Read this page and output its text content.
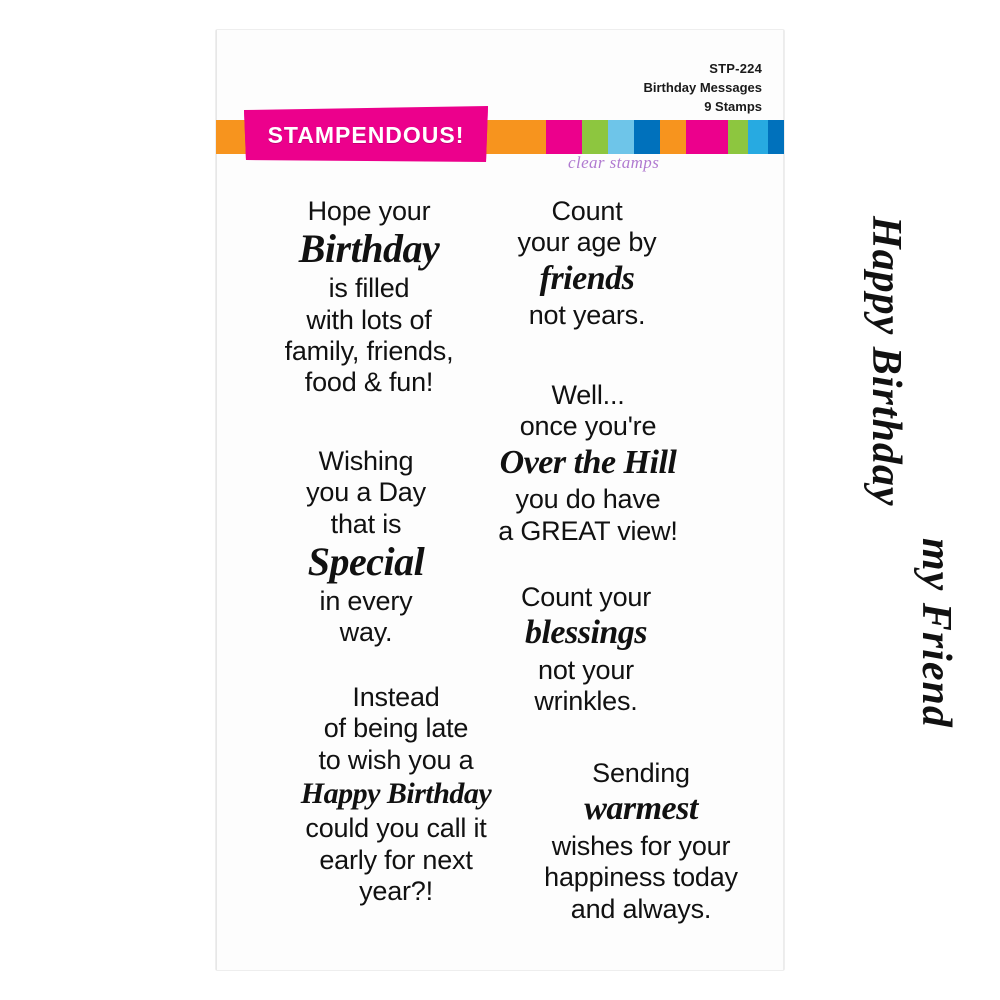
STP-224
Birthday Messages
9 Stamps
STAMPENDOUS!
clear stamps
Hope your
Birthday
is filled
with lots of
family, friends,
food & fun!
Count
your age by
friends
not years.
Wishing
you a Day
that is
Special
in every
way.
Well...
once you're
Over the Hill
you do have
a GREAT view!
Count your
blessings
not your
wrinkles.
Instead
of being late
to wish you a
Happy Birthday
could you call it
early for next
year?!
Sending
warmest
wishes for your
happiness today
and always.
Happy Birthday
my Friend
